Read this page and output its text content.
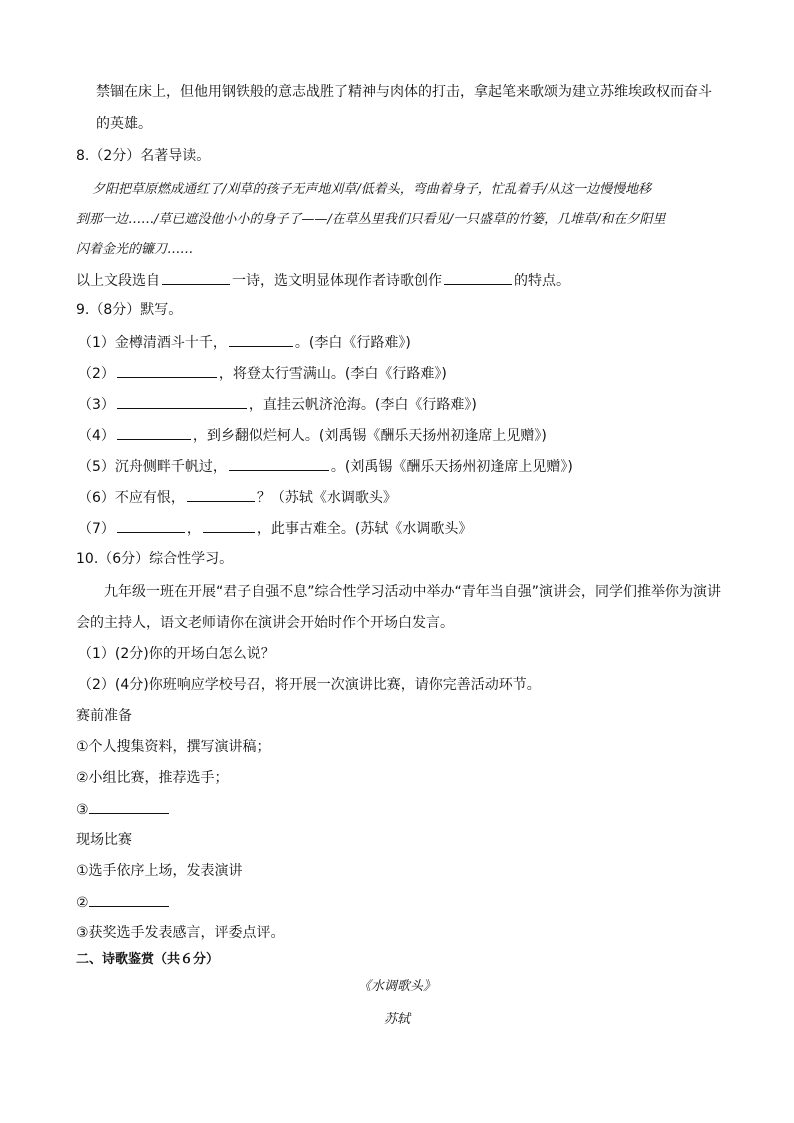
禁锢在床上，但他用钢铁般的意志战胜了精神与肉体的打击，拿起笔来歌颂为建立苏维埃政权而奋斗
的英雄。
8.（2分）名著导读。
夕阳把草原燃成通红了/刈草的孩子无声地刈草/低着头，弯曲着身子，忙乱着手/从这一边慢慢地移
到那一边……/草已遮没他小小的身子了——/在草丛里我们只看见/一只盛草的竹篓，几堆草/和在夕阳里
闪着金光的镰刀……
以上文段选自	一诗，选文明显体现作者诗歌创作	的特点。
9.（8分）默写。
（1）金樽清酒斗十千，	。(李白《行路难》)
（2）	，将登太行雪满山。(李白《行路难》)
（3）	，直挂云帆济沧海。(李白《行路难》)
（4）	，到乡翻似烂柯人。(刘禹锡《酬乐天扬州初逢席上见赠》)
（5）沉舟侧畔千帆过，	。(刘禹锡《酬乐天扬州初逢席上见赠》)
（6）不应有恨，	？（苏轼《水调歌头》
（7）	，	，此事古难全。(苏轼《水调歌头》
10.（6分）综合性学习。
九年级一班在开展“君子自强不息”综合性学习活动中举办“青年当自强”演讲会，同学们推举你为演讲
会的主持人，语文老师请你在演讲会开始时作个开场白发言。
（1）(2分)你的开场白怎么说？
（2）(4分)你班响应学校号召，将开展一次演讲比赛，请你完善活动环节。
赛前准备
①个人搜集资料，撰写演讲稿；
②小组比赛，推荐选手；
③
现场比赛
①选手依序上场，发表演讲
②
③获奖选手发表感言，评委点评。
二、诗歌鉴赏（共６分）
《水调歌头》
苏轼
